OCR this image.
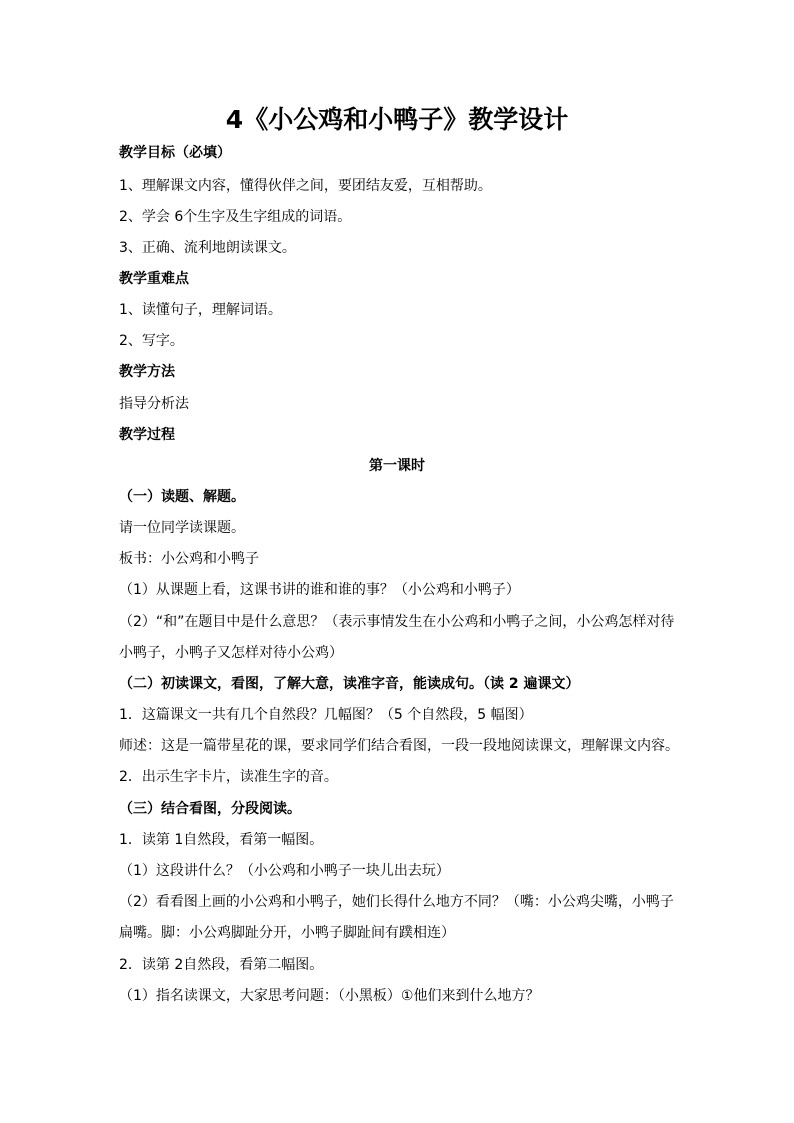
4《小公鸡和小鸭子》教学设计
教学目标（必填）
1、理解课文内容，懂得伙伴之间，要团结友爱，互相帮助。
2、学会 6个生字及生字组成的词语。
3、正确、流利地朗读课文。
教学重难点
1、读懂句子，理解词语。
2、写字。
教学方法
指导分析法
教学过程
第一课时
（一）读题、解题。
请一位同学读课题。
板书：小公鸡和小鸭子
（1）从课题上看，这课书讲的谁和谁的事？（小公鸡和小鸭子）
（2）“和”在题目中是什么意思？（表示事情发生在小公鸡和小鸭子之间，小公鸡怎样对待
小鸭子，小鸭子又怎样对待小公鸡）
（二）初读课文，看图，了解大意，读准字音，能读成句。（读 2 遍课文）
1．这篇课文一共有几个自然段？几幅图？（5 个自然段，5 幅图）
师述：这是一篇带星花的课，要求同学们结合看图，一段一段地阅读课文，理解课文内容。
2．出示生字卡片，读准生字的音。
（三）结合看图，分段阅读。
1．读第 1自然段，看第一幅图。
（1）这段讲什么？（小公鸡和小鸭子一块儿出去玩）
（2）看看图上画的小公鸡和小鸭子，她们长得什么地方不同？（嘴：小公鸡尖嘴，小鸭子
扁嘴。脚：小公鸡脚趾分开，小鸭子脚趾间有蹼相连）
2．读第 2自然段，看第二幅图。
（1）指名读课文，大家思考问题：（小黑板）①他们来到什么地方？
